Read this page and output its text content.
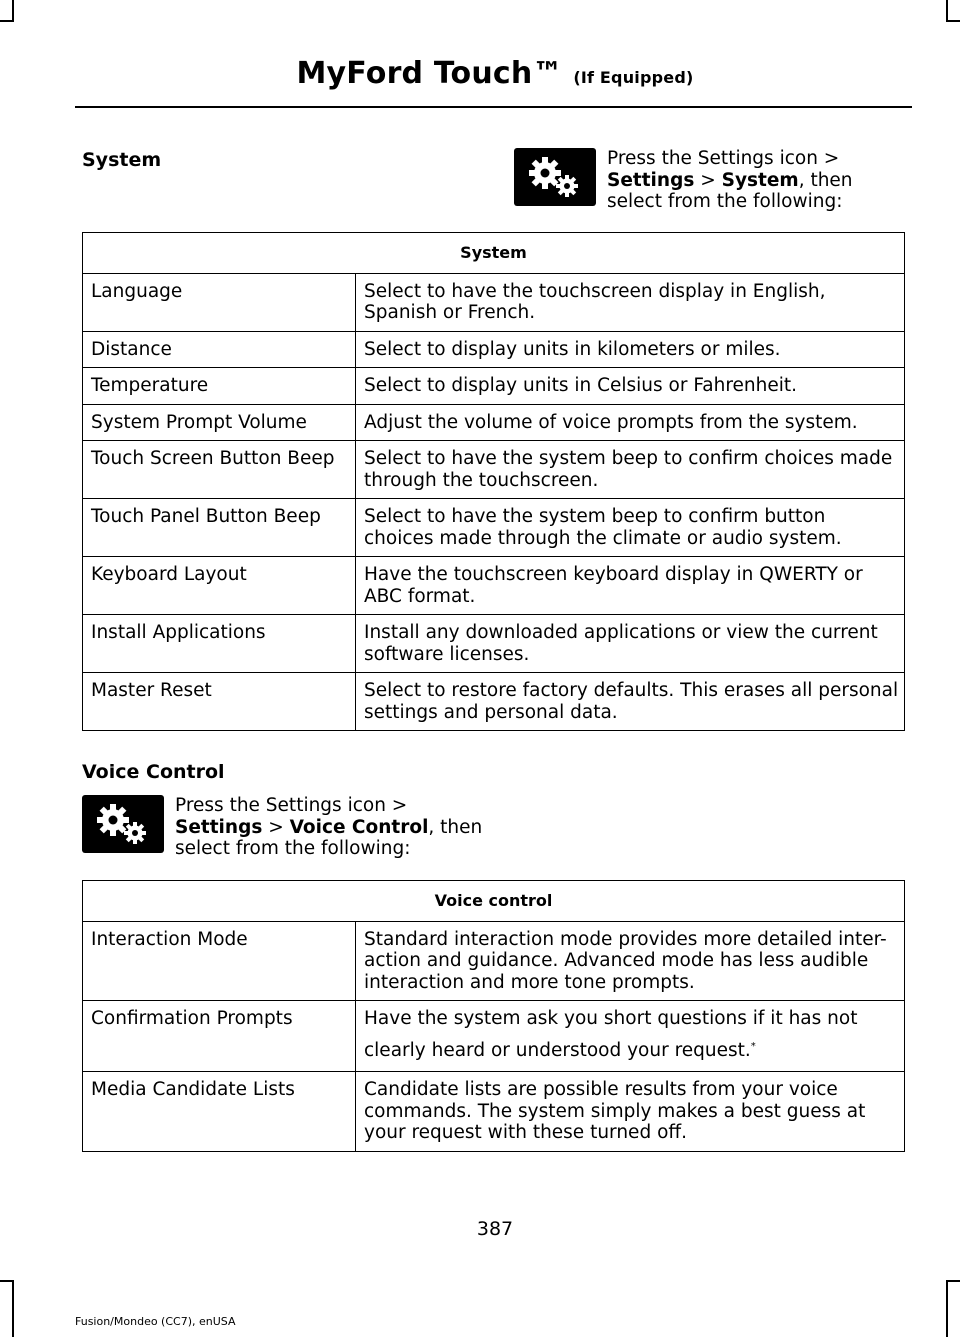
MyFord Touch™ (If Equipped)
System	Press the Settings icon > Settings > System, then select from the following:
System	
Language	Select to have the touchscreen display in English, Spanish or French.
Distance	Select to display units in kilometers or miles.
Temperature	Select to display units in Celsius or Fahrenheit.
System Prompt Volume	Adjust the volume of voice prompts from the system.
Touch Screen Button Beep	Select to have the system beep to confirm choices made through the touchscreen.
Touch Panel Button Beep	Select to have the system beep to confirm button choices made through the climate or audio system.
Keyboard Layout	Have the touchscreen keyboard display in QWERTY or ABC format.
Install Applications	Install any downloaded applications or view the current software licenses.
Master Reset	Select to restore factory defaults. This erases all personal settings and personal data.
Voice Control
Press the Settings icon > Settings > Voice Control, then select from the following:
Voice control	
Interaction Mode	Standard interaction mode provides more detailed inter-action and guidance. Advanced mode has less audible interaction and more tone prompts.
Confirmation Prompts	Have the system ask you short questions if it has not clearly heard or understood your request.*
Media Candidate Lists	Candidate lists are possible results from your voice commands. The system simply makes a best guess at your request with these turned off.
387
Fusion/Mondeo (CC7), enUSA
